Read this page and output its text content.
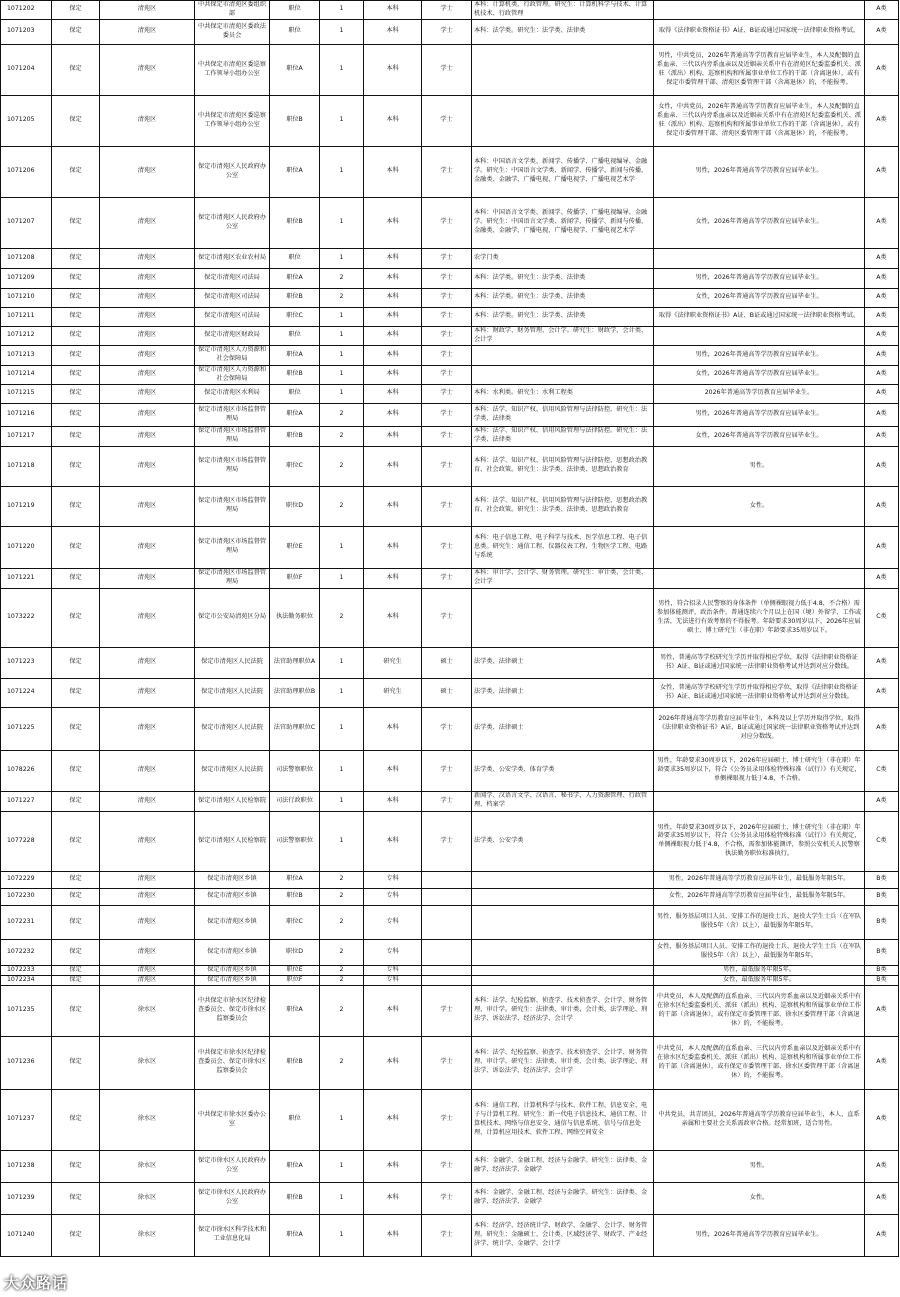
1071202	保定	清苑区	中共保定市清苑区委组织部	职位	1	本科	学士	本科：计算机类、行政管理。研究生：计算机科学与技术、计算机技术、行政管理		A类
1071203	保定	清苑区	中共保定市清苑区委政法委员会	职位	1	本科	学士	本科：法学类。研究生：法学类、法律类	取得《法律职业资格证书》A证、B证或通过国家统一法律职业资格考试。	A类
1071204	保定	清苑区	中共保定市清苑区委巡察工作领导小组办公室	职位A	1	本科	学士		男性，中共党员，2026年普通高等学历教育应届毕业生，本人及配偶的直系血亲、三代以内旁系血亲以及近姻亲关系中有在清苑区纪委监委机关、派驻（派出）机构、巡察机构和所属事业单位工作的干部（含离退休），或有保定市委管理干部、清苑区委管理干部（含离退休）的，不能报考。	A类
1071205	保定	清苑区	中共保定市清苑区委巡察工作领导小组办公室	职位B	1	本科	学士		女性，中共党员，2026年普通高等学历教育应届毕业生，本人及配偶的直系血亲、三代以内旁系血亲以及近姻亲关系中有在清苑区纪委监委机关、派驻（派出）机构、巡察机构和所属事业单位工作的干部（含离退休），或有保定市委管理干部、清苑区委管理干部（含离退休）的，不能报考。	A类
1071206	保定	清苑区	保定市清苑区人民政府办公室	职位A	1	本科	学士	本科：中国语言文学类、新闻学、传播学、广播电视编导、金融学。研究生：中国语言文学类、新闻学、传播学、新闻与传播、金融类、金融学、广播电视、广播电视学、广播电视艺术学	男性，2026年普通高等学历教育应届毕业生。	A类
1071207	保定	清苑区	保定市清苑区人民政府办公室	职位B	1	本科	学士	本科：中国语言文学类、新闻学、传播学、广播电视编导、金融学。研究生：中国语言文学类、新闻学、传播学、新闻与传播、金融类、金融学、广播电视、广播电视学、广播电视艺术学	女性，2026年普通高等学历教育应届毕业生。	A类
1071208	保定	清苑区	保定市清苑区农业农村局	职位	1	本科	学士	农学门类		A类
1071209	保定	清苑区	保定市清苑区司法局	职位A	2	本科	学士	本科：法学类。研究生：法学类、法律类	男性，2026年普通高等学历教育应届毕业生。	A类
1071210	保定	清苑区	保定市清苑区司法局	职位B	2	本科	学士	本科：法学类。研究生：法学类、法律类	女性，2026年普通高等学历教育应届毕业生。	A类
1071211	保定	清苑区	保定市清苑区司法局	职位C	1	本科	学士	本科：法学类。研究生：法学类、法律类	取得《法律职业资格证书》A证、B证或通过国家统一法律职业资格考试。	A类
1071212	保定	清苑区	保定市清苑区财政局	职位	1	本科	学士	本科：财政学、财务管理、会计学。研究生：财政学、会计类、会计学		A类
1071213	保定	清苑区	保定市清苑区人力资源和社会保障局	职位A	1	本科	学士		男性，2026年普通高等学历教育应届毕业生。	A类
1071214	保定	清苑区	保定市清苑区人力资源和社会保障局	职位B	1	本科	学士		女性，2026年普通高等学历教育应届毕业生。	A类
1071215	保定	清苑区	保定市清苑区水利局	职位	1	本科	学士	本科：水利类。研究生：水利工程类	2026年普通高等学历教育应届毕业生。	A类
1071216	保定	清苑区	保定市清苑区市场监督管理局	职位A	2	本科	学士	本科：法学、知识产权、信用风险管理与法律防控。研究生：法学类、法律类	男性，2026年普通高等学历教育应届毕业生。	A类
1071217	保定	清苑区	保定市清苑区市场监督管理局	职位B	2	本科	学士	本科：法学、知识产权、信用风险管理与法律防控。研究生：法学类、法律类	女性，2026年普通高等学历教育应届毕业生。	A类
1071218	保定	清苑区	保定市清苑区市场监督管理局	职位C	2	本科	学士	本科：法学、知识产权、信用风险管理与法律防控、思想政治教育、社会政策。研究生：法学类、法律类、思想政治教育	男性。	A类
1071219	保定	清苑区	保定市清苑区市场监督管理局	职位D	2	本科	学士	本科：法学、知识产权、信用风险管理与法律防控、思想政治教育、社会政策。研究生：法学类、法律类、思想政治教育	女性。	A类
1071220	保定	清苑区	保定市清苑区市场监督管理局	职位E	1	本科	学士	本科：电子信息工程、电子科学与技术、医学信息工程、电子信息类。研究生：通信工程、仪器仪表工程、生物医学工程、电路与系统		A类
1071221	保定	清苑区	保定市清苑区市场监督管理局	职位F	1	本科	学士	本科：审计学、会计学、财务管理。研究生：审计类、会计类、会计学		A类
1073222	保定	清苑区	保定市公安局清苑区分局	执法勤务职位	2	本科	学士		男性，符合招录人民警察的身体条件（单侧裸眼视力低于4.8，不合格）需参加体能测评，政治条件，普通连续六个月以上在国（境）外留学、工作或生活，无法进行有效考察的不得报考。年龄要求30周岁以下，2026年应届硕士、博士研究生（非在职）年龄要求35周岁以下。	C类
1071223	保定	清苑区	保定市清苑区人民法院	法官助理职位A	1	研究生	硕士	法学类、法律硕士	男性，普通高等学校研究生学历并取得相应学位，取得《法律职业资格证书》A证、B证或通过国家统一法律职业资格考试并达到对应分数线。	A类
1071224	保定	清苑区	保定市清苑区人民法院	法官助理职位B	1	研究生	硕士	法学类、法律硕士	女性，普通高等学校研究生学历并取得相应学位，取得《法律职业资格证书》A证、B证或通过国家统一法律职业资格考试并达到对应分数线。	A类
1071225	保定	清苑区	保定市清苑区人民法院	法官助理职位C	1	本科	学士	法学类、法律硕士	2026年普通高等学历教育应届毕业生，本科及以上学历并取得学位，取得《法律职业资格证书》A证、B证或通过国家统一法律职业资格考试并达到对应分数线。	A类
1078226	保定	清苑区	保定市清苑区人民法院	司法警察职位	1	本科	学士	法学类、公安学类、体育学类	男性，年龄要求30周岁以下，2026年应届硕士、博士研究生（非在职）年龄要求35周岁以下，符合《公务员录用体检特殊标准（试行）》有关规定，单侧裸眼视力低于4.8，不合格。	C类
1071227	保定	清苑区	保定市清苑区人民检察院	司法行政职位	1	本科	学士	新闻学、汉语言文学、汉语言、秘书学、人力资源管理、行政管理、档案学		A类
1077228	保定	清苑区	保定市清苑区人民检察院	司法警察职位	1	本科	学士	法学类、公安学类	男性，年龄要求30周岁以下，2026年应届硕士、博士研究生（非在职）年龄要求35周岁以下，符合《公务员录用体检特殊标准（试行）》有关规定，单侧裸眼视力低于4.8，不合格，需参加体能测评，参照公安机关人民警察执法勤务职位标准执行。	C类
1072229	保定	清苑区	保定市清苑区乡镇	职位A	2	专科			男性，2026年普通高等学历教育应届毕业生，最低服务年限5年。	B类
1072230	保定	清苑区	保定市清苑区乡镇	职位B	2	专科			女性，2026年普通高等学历教育应届毕业生，最低服务年限5年。	B类
1072231	保定	清苑区	保定市清苑区乡镇	职位C	2	专科			男性，服务基层项目人员、安排工作的退役士兵、退役大学生士兵（在军队服役5年（含）以上），最低服务年限5年。	B类
1072232	保定	清苑区	保定市清苑区乡镇	职位D	2	专科			女性，服务基层项目人员、安排工作的退役士兵、退役大学生士兵（在军队服役5年（含）以上），最低服务年限5年。	B类
1072233	保定	清苑区	保定市清苑区乡镇	职位E	2	专科			男性，最低服务年限5年。	B类
1072234	保定	清苑区	保定市清苑区乡镇	职位F	2	专科			女性，最低服务年限5年。	B类
1071235	保定	徐水区	中共保定市徐水区纪律检查委员会、保定市徐水区监察委员会	职位A	2	本科	学士	本科：法学、纪检监察、侦查学、技术侦查学、会计学、财务管理、审计学。研究生：法律类、审计类、会计类、法学理论、刑法学、诉讼法学、经济法学、会计学	中共党员，本人及配偶的直系血亲、三代以内旁系血亲以及近姻亲关系中有在徐水区纪委监委机关、派驻（派出）机构、巡察机构和所属事业单位工作的干部（含离退休），或有保定市委管理干部、徐水区委管理干部（含离退休）的，不能报考。	A类
1071236	保定	徐水区	中共保定市徐水区纪律检查委员会、保定市徐水区监察委员会	职位B	2	本科	学士	本科：法学、纪检监察、侦查学、技术侦查学、会计学、财务管理、审计学。研究生：法律类、审计类、会计类、法学理论、刑法学、诉讼法学、经济法学、会计学	中共党员，本人及配偶的直系血亲、三代以内旁系血亲以及近姻亲关系中有在徐水区纪委监委机关、派驻（派出）机构、巡察机构和所属事业单位工作的干部（含离退休），或有保定市委管理干部、徐水区委管理干部（含离退休）的，不能报考。	A类
1071237	保定	徐水区	中共保定市徐水区委办公室	职位	1	本科	学士	本科：通信工程、计算机科学与技术、软件工程、信息安全、电子与计算机工程。研究生：新一代电子信息技术、通信工程、计算机技术、网络与信息安全、通信与信息系统、信号与信息处理、计算机应用技术、软件工程、网络空间安全	中共党员，共青团员，2026年普通高等学历教育应届毕业生，本人、直系亲属和主要社会关系需政审合格。经常加班，适合男性。	A类
1071238	保定	徐水区	保定市徐水区人民政府办公室	职位A	1	本科	学士	本科：金融学、金融工程、经济与金融学。研究生：法律类、金融学、经济法学、金融学	男性。	A类
1071239	保定	徐水区	保定市徐水区人民政府办公室	职位B	1	本科	学士	本科：金融学、金融工程、经济与金融学。研究生：法律类、金融学、经济法学、金融学	女性。	A类
1071240	保定	徐水区	保定市徐水区科学技术和工业信息化局	职位A	1	本科	学士	本科：经济学、经济统计学、财政学、金融学、会计学、财务管理。研究生：金融硕士、会计类、区域经济学、财政学、产业经济学、统计学、金融学、会计学	男性，2026年普通高等学历教育应届毕业生。	A类
大众路话
